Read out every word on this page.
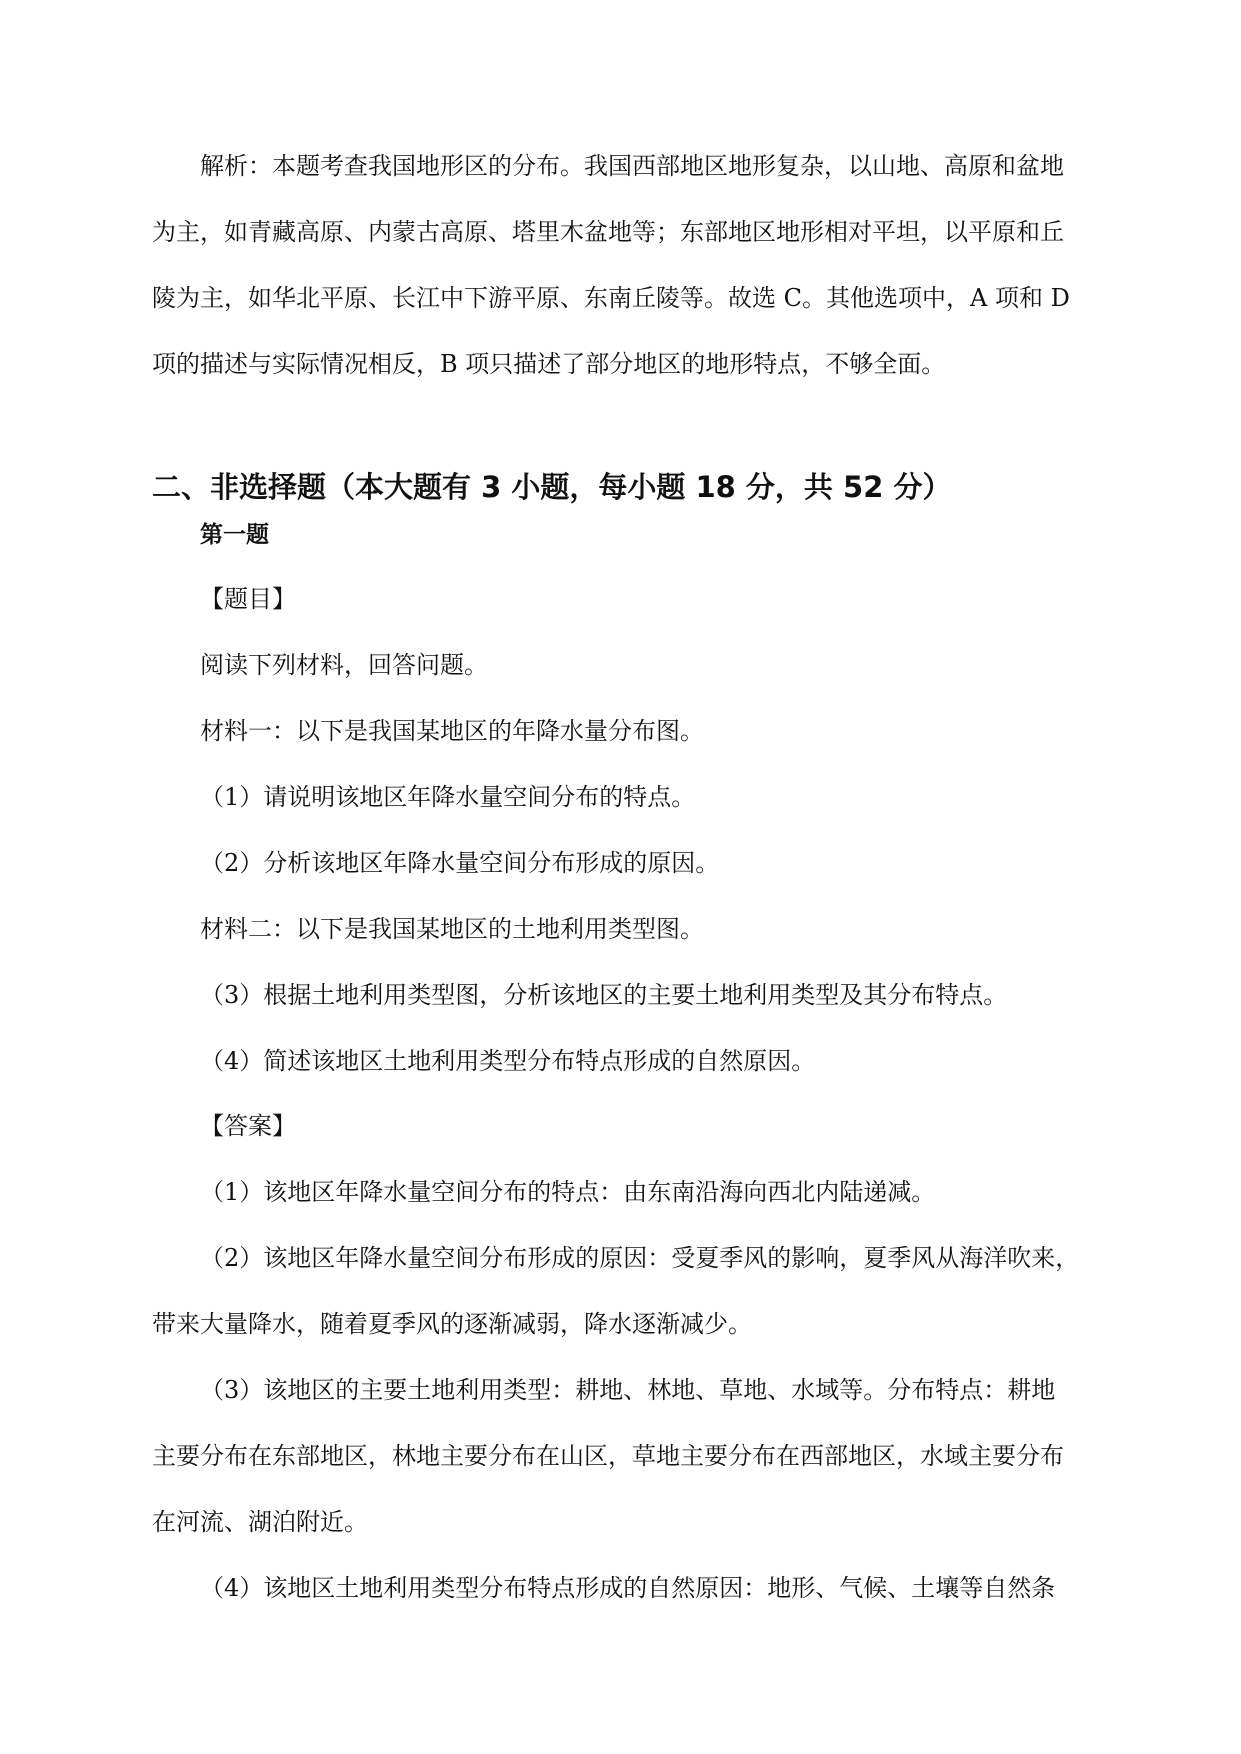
解析：本题考查我国地形区的分布。我国西部地区地形复杂，以山地、高原和盆地
为主，如青藏高原、内蒙古高原、塔里木盆地等；东部地区地形相对平坦，以平原和丘
陵为主，如华北平原、长江中下游平原、东南丘陵等。故选 C。其他选项中，A 项和 D
项的描述与实际情况相反，B 项只描述了部分地区的地形特点，不够全面。
二、非选择题（本大题有 3 小题，每小题 18 分，共 52 分）
第一题
【题目】
阅读下列材料，回答问题。
材料一：以下是我国某地区的年降水量分布图。
（1）请说明该地区年降水量空间分布的特点。
（2）分析该地区年降水量空间分布形成的原因。
材料二：以下是我国某地区的土地利用类型图。
（3）根据土地利用类型图，分析该地区的主要土地利用类型及其分布特点。
（4）简述该地区土地利用类型分布特点形成的自然原因。
【答案】
（1）该地区年降水量空间分布的特点：由东南沿海向西北内陆递减。
（2）该地区年降水量空间分布形成的原因：受夏季风的影响，夏季风从海洋吹来，
带来大量降水，随着夏季风的逐渐减弱，降水逐渐减少。
（3）该地区的主要土地利用类型：耕地、林地、草地、水域等。分布特点：耕地
主要分布在东部地区，林地主要分布在山区，草地主要分布在西部地区，水域主要分布
在河流、湖泊附近。
（4）该地区土地利用类型分布特点形成的自然原因：地形、气候、土壤等自然条
